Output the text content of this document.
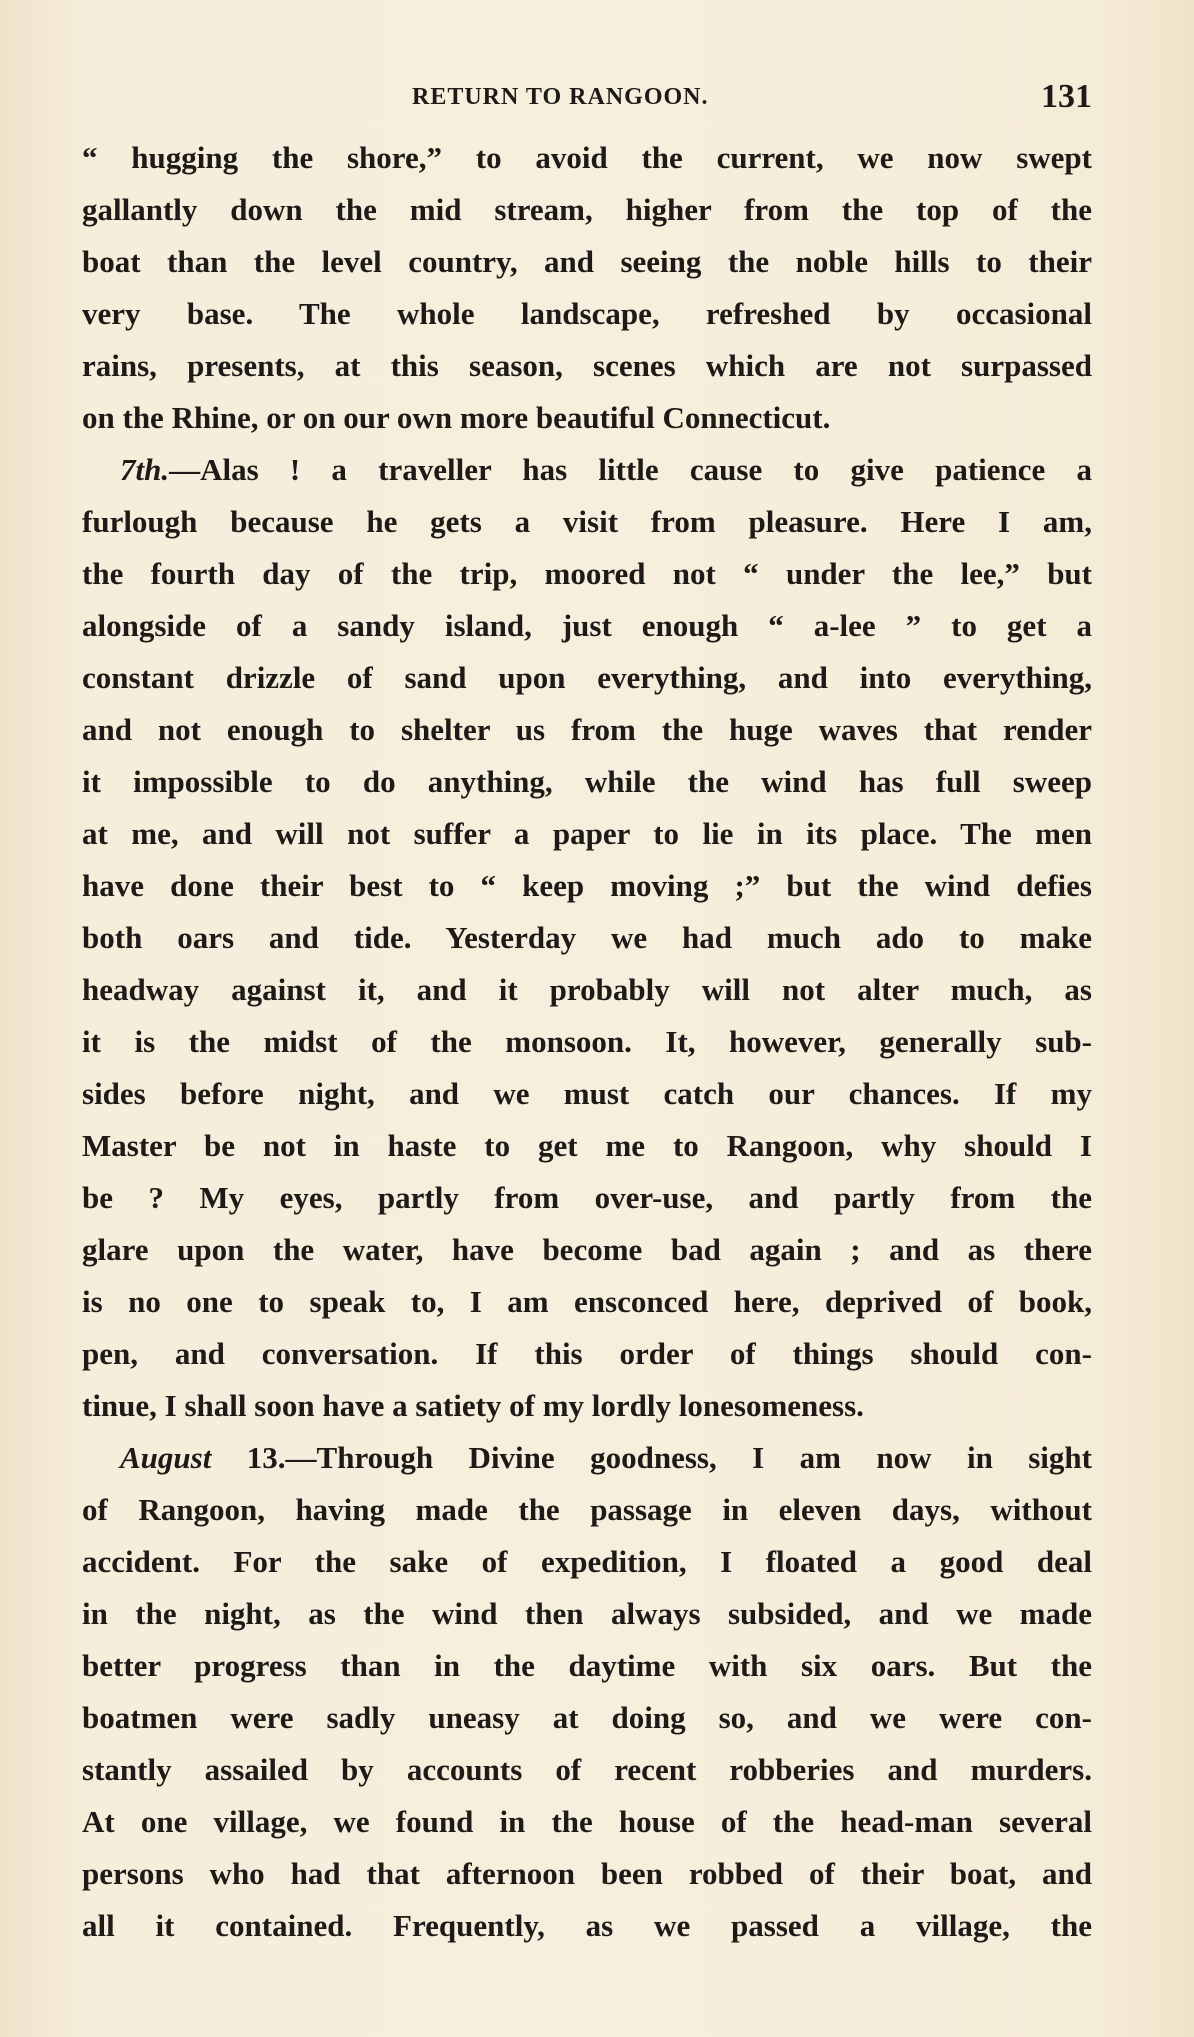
RETURN TO RANGOON.	131
“ hugging the shore,” to avoid the current, we now swept
gallantly down the mid stream, higher from the top of the
boat than the level country, and seeing the noble hills to their
very base. The whole landscape, refreshed by occasional
rains, presents, at this season, scenes which are not surpassed
on the Rhine, or on our own more beautiful Connecticut.
7th.—Alas ! a traveller has little cause to give patience a
furlough because he gets a visit from pleasure. Here I am,
the fourth day of the trip, moored not “ under the lee,” but
alongside of a sandy island, just enough “ a-lee ” to get a
constant drizzle of sand upon everything, and into everything,
and not enough to shelter us from the huge waves that render
it impossible to do anything, while the wind has full sweep
at me, and will not suffer a paper to lie in its place. The men
have done their best to “ keep moving ;” but the wind defies
both oars and tide. Yesterday we had much ado to make
headway against it, and it probably will not alter much, as
it is the midst of the monsoon. It, however, generally sub-
sides before night, and we must catch our chances. If my
Master be not in haste to get me to Rangoon, why should I
be ? My eyes, partly from over-use, and partly from the
glare upon the water, have become bad again ; and as there
is no one to speak to, I am ensconced here, deprived of book,
pen, and conversation. If this order of things should con-
tinue, I shall soon have a satiety of my lordly lonesomeness.
August 13.—Through Divine goodness, I am now in sight
of Rangoon, having made the passage in eleven days, without
accident. For the sake of expedition, I floated a good deal
in the night, as the wind then always subsided, and we made
better progress than in the daytime with six oars. But the
boatmen were sadly uneasy at doing so, and we were con-
stantly assailed by accounts of recent robberies and murders.
At one village, we found in the house of the head-man several
persons who had that afternoon been robbed of their boat, and
all it contained. Frequently, as we passed a village, the
